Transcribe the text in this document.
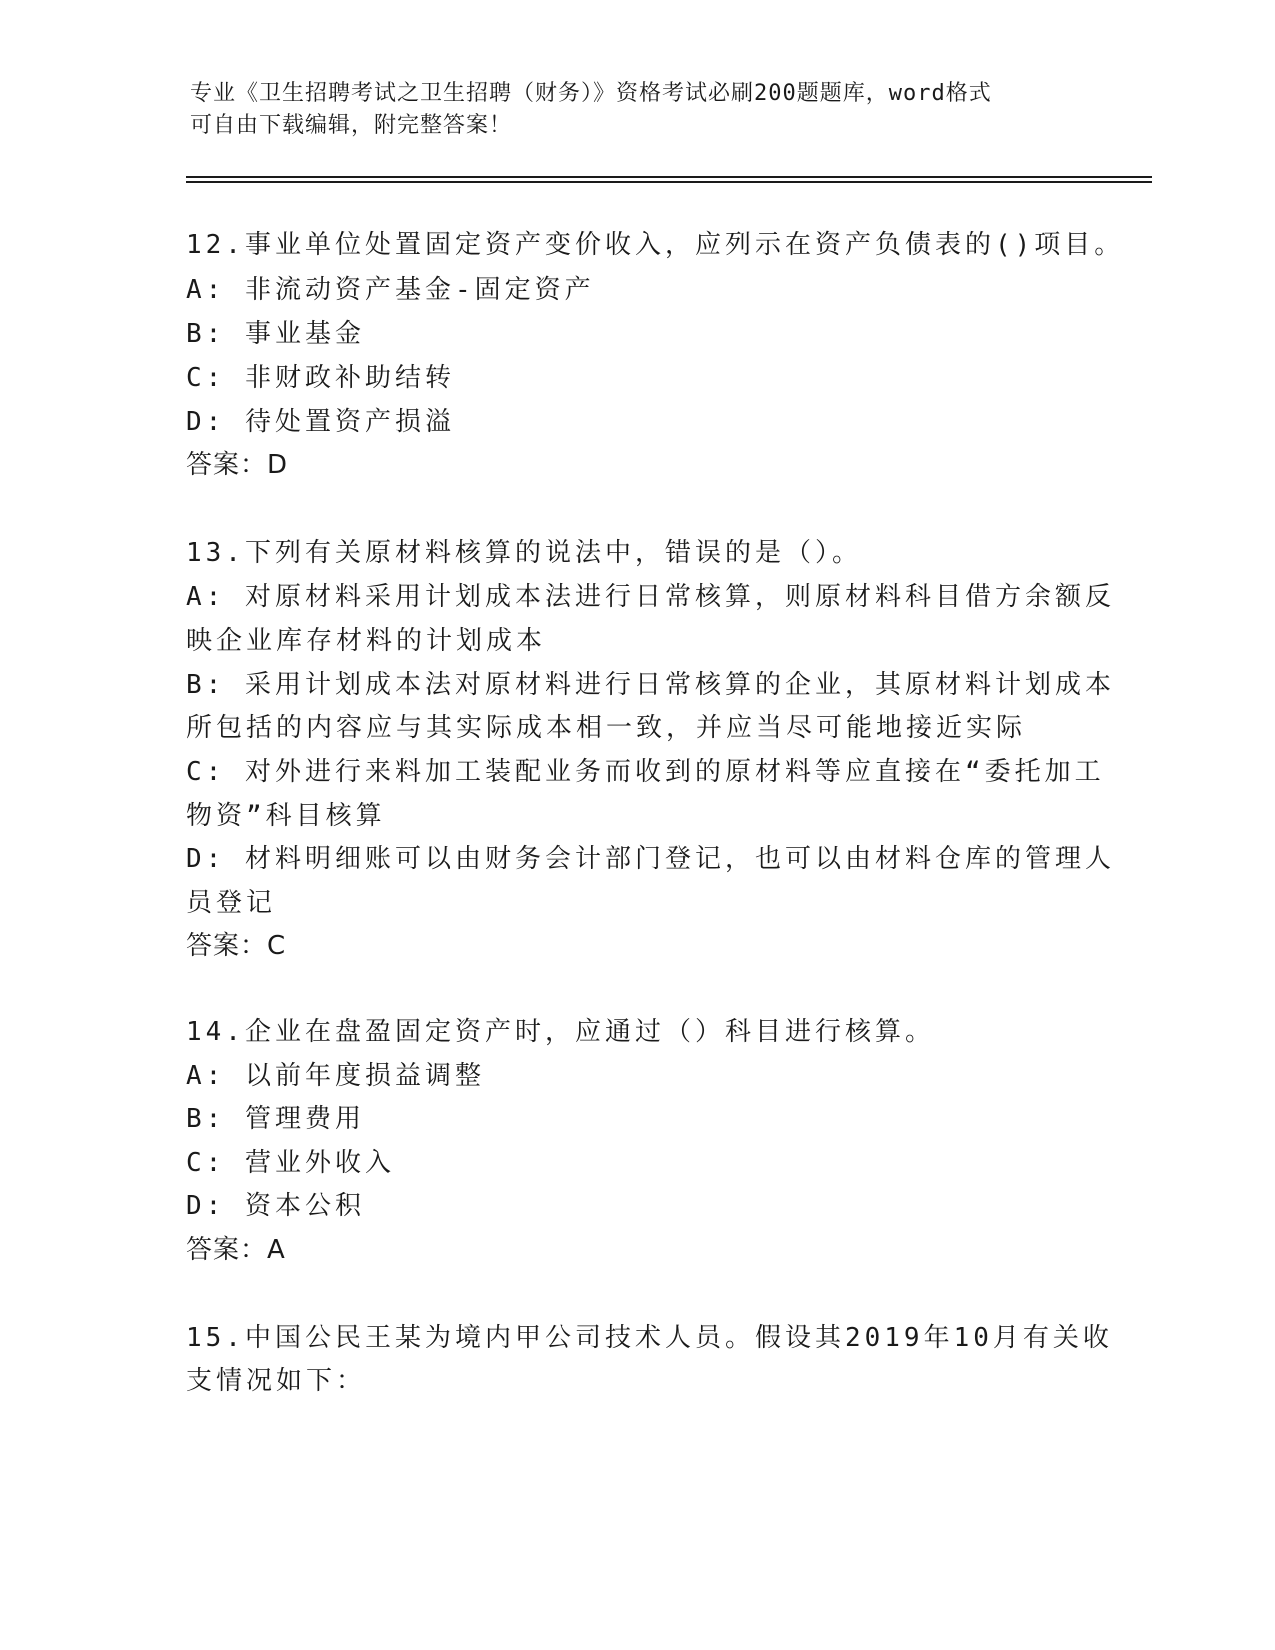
专业《卫生招聘考试之卫生招聘（财务）》资格考试必刷200题题库，word格式
可自由下载编辑，附完整答案！
12.事业单位处置固定资产变价收入，应列示在资产负债表的()项目。
A: 非流动资产基金-固定资产
B: 事业基金
C: 非财政补助结转
D: 待处置资产损溢
答案：D
13.下列有关原材料核算的说法中，错误的是（）。
A: 对原材料采用计划成本法进行日常核算，则原材料科目借方余额反
映企业库存材料的计划成本
B: 采用计划成本法对原材料进行日常核算的企业，其原材料计划成本
所包括的内容应与其实际成本相一致，并应当尽可能地接近实际
C: 对外进行来料加工装配业务而收到的原材料等应直接在“委托加工
物资”科目核算
D: 材料明细账可以由财务会计部门登记，也可以由材料仓库的管理人
员登记
答案：C
14.企业在盘盈固定资产时，应通过（）科目进行核算。
A: 以前年度损益调整
B: 管理费用
C: 营业外收入
D: 资本公积
答案：A
15.中国公民王某为境内甲公司技术人员。假设其2019年10月有关收
支情况如下：
